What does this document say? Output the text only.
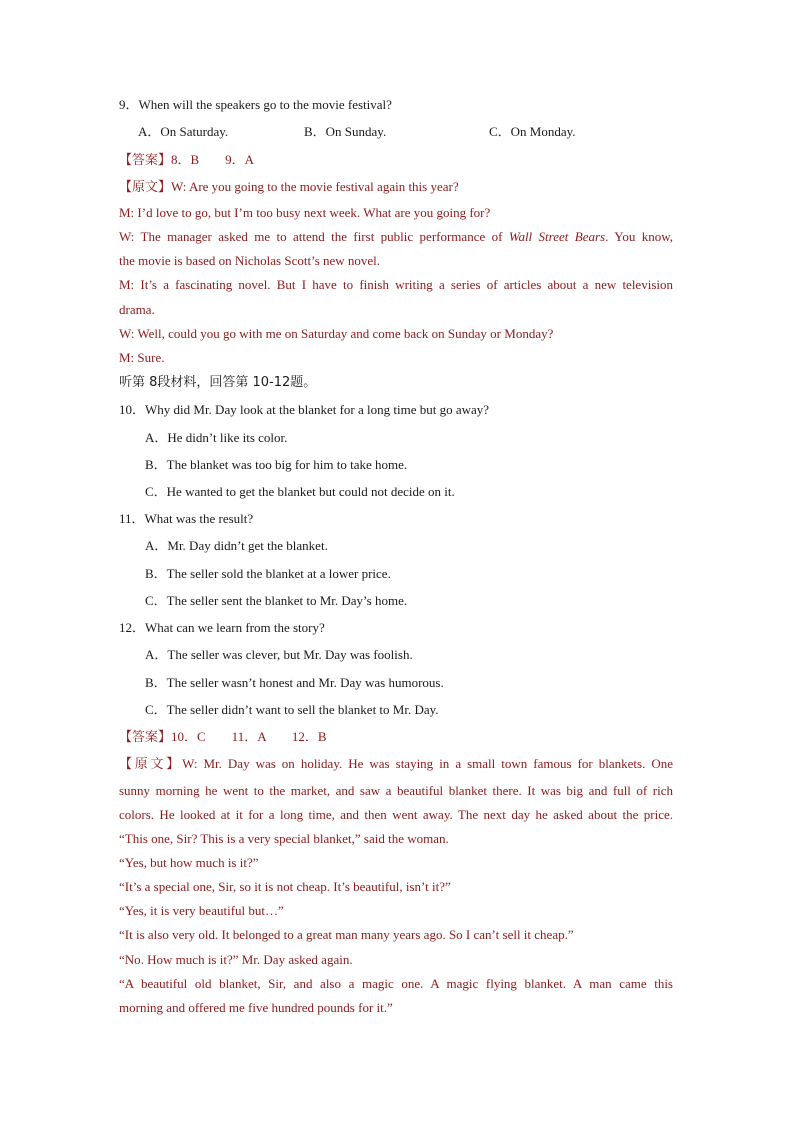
9．When will the speakers go to the movie festival?
A．On Saturday.	B．On Sunday.	C．On Monday.
【答案】8．B　　9．A
【原文】W: Are you going to the movie festival again this year?
M: I’d love to go, but I’m too busy next week. What are you going for?
W: The manager asked me to attend the first public performance of Wall Street Bears. You know,
the movie is based on Nicholas Scott’s new novel.
M: It’s a fascinating novel. But I have to finish writing a series of articles about a new television
drama.
W: Well, could you go with me on Saturday and come back on Sunday or Monday?
M: Sure.
听第 8段材料，回答第 10-12题。
10．Why did Mr. Day look at the blanket for a long time but go away?
A．He didn’t like its color.
B．The blanket was too big for him to take home.
C．He wanted to get the blanket but could not decide on it.
11．What was the result?
A．Mr. Day didn’t get the blanket.
B．The seller sold the blanket at a lower price.
C．The seller sent the blanket to Mr. Day’s home.
12．What can we learn from the story?
A．The seller was clever, but Mr. Day was foolish.
B．The seller wasn’t honest and Mr. Day was humorous.
C．The seller didn’t want to sell the blanket to Mr. Day.
【答案】10．C　　11．A　　12．B
【原文】W: Mr. Day was on holiday. He was staying in a small town famous for blankets. One
sunny morning he went to the market, and saw a beautiful blanket there. It was big and full of rich
colors. He looked at it for a long time, and then went away. The next day he asked about the price.
“This one, Sir? This is a very special blanket,” said the woman.
“Yes, but how much is it?”
“It’s a special one, Sir, so it is not cheap. It’s beautiful, isn’t it?”
“Yes, it is very beautiful but…”
“It is also very old. It belonged to a great man many years ago. So I can’t sell it cheap.”
“No. How much is it?” Mr. Day asked again.
“A beautiful old blanket, Sir, and also a magic one. A magic flying blanket. A man came this
morning and offered me five hundred pounds for it.”
